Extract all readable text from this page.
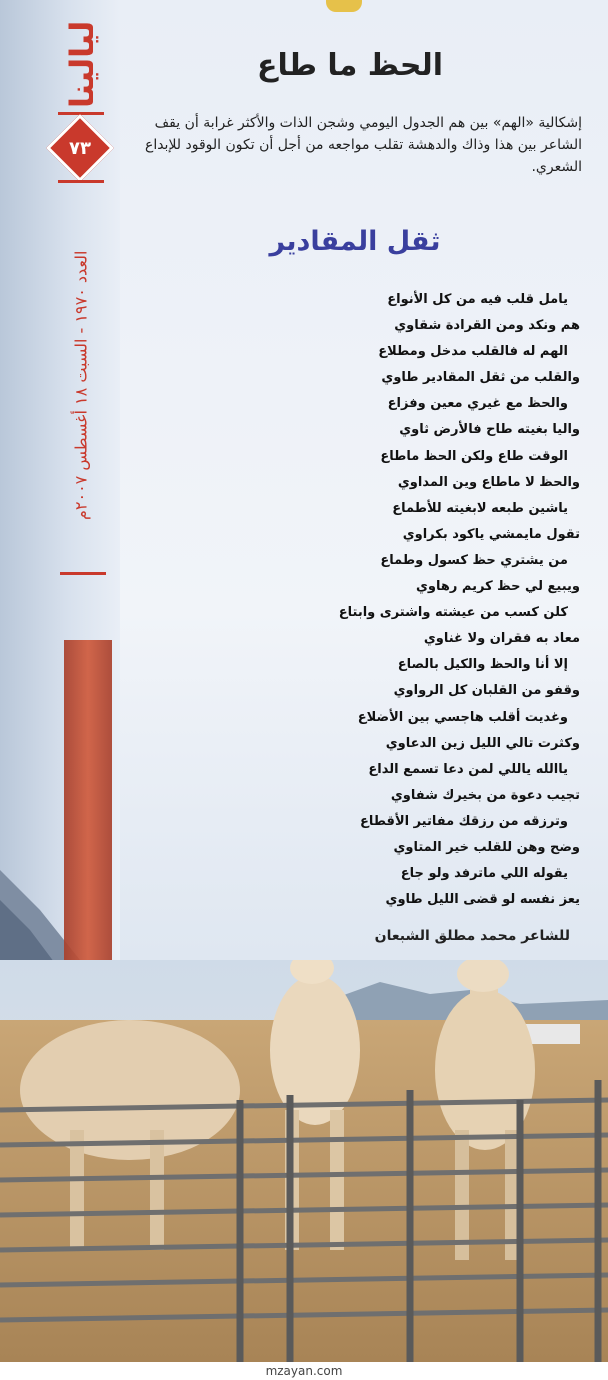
ليالينا
٧٣
العدد ١٩٧٠ - السبت ١٨ أغسطس ٢٠٠٧م
الحظ ما طاع
إشكالية «الهم» بين هم الجدول اليومي وشجن الذات والأكثر غرابة أن يقف الشاعر بين هذا وذاك والدهشة تقلب مواجعه من أجل أن تكون الوقود للإبداع الشعري.
ثقل المقادير
يامل قلب فيه من كل الأنواع
هم ونكد ومن القرادة شقاوي
الهم له فالقلب مدخل ومطلاع
والقلب من ثقل المقادير طاوي
والحظ مع غيري معين وفزاع
واليا بغيته طاح فالأرض ثاوي
الوقت طاع ولكن الحظ ماطاع
والحظ لا ماطاع وين المداوي
ياشين طبعه لابغيته للأطماع
تقول مايمشي ياكود بكراوي
من يشتري حظ كسول وطماع
ويبيع لي حظ كريم رهاوي
كلن كسب من عيشته واشترى وابتاع
معاد به فقران ولا غناوي
إلا أنا والحظ والكيل بالصاع
وقفو من القلبان كل الرواوي
وغديت أقلب هاجسي بين الأضلاع
وكثرت تالي الليل زين الدعاوي
ياالله ياللي لمن دعا تسمع الداع
تجيب دعوة من بخيرك شفاوي
وترزقه من رزقك مفاتير الأقطاع
وضح وهن للقلب خير المتاوي
يقوله اللي ماترفد ولو جاع
يعز نفسه لو قضى الليل طاوي
للشاعر محمد مطلق الشبعان
mzayan.com
